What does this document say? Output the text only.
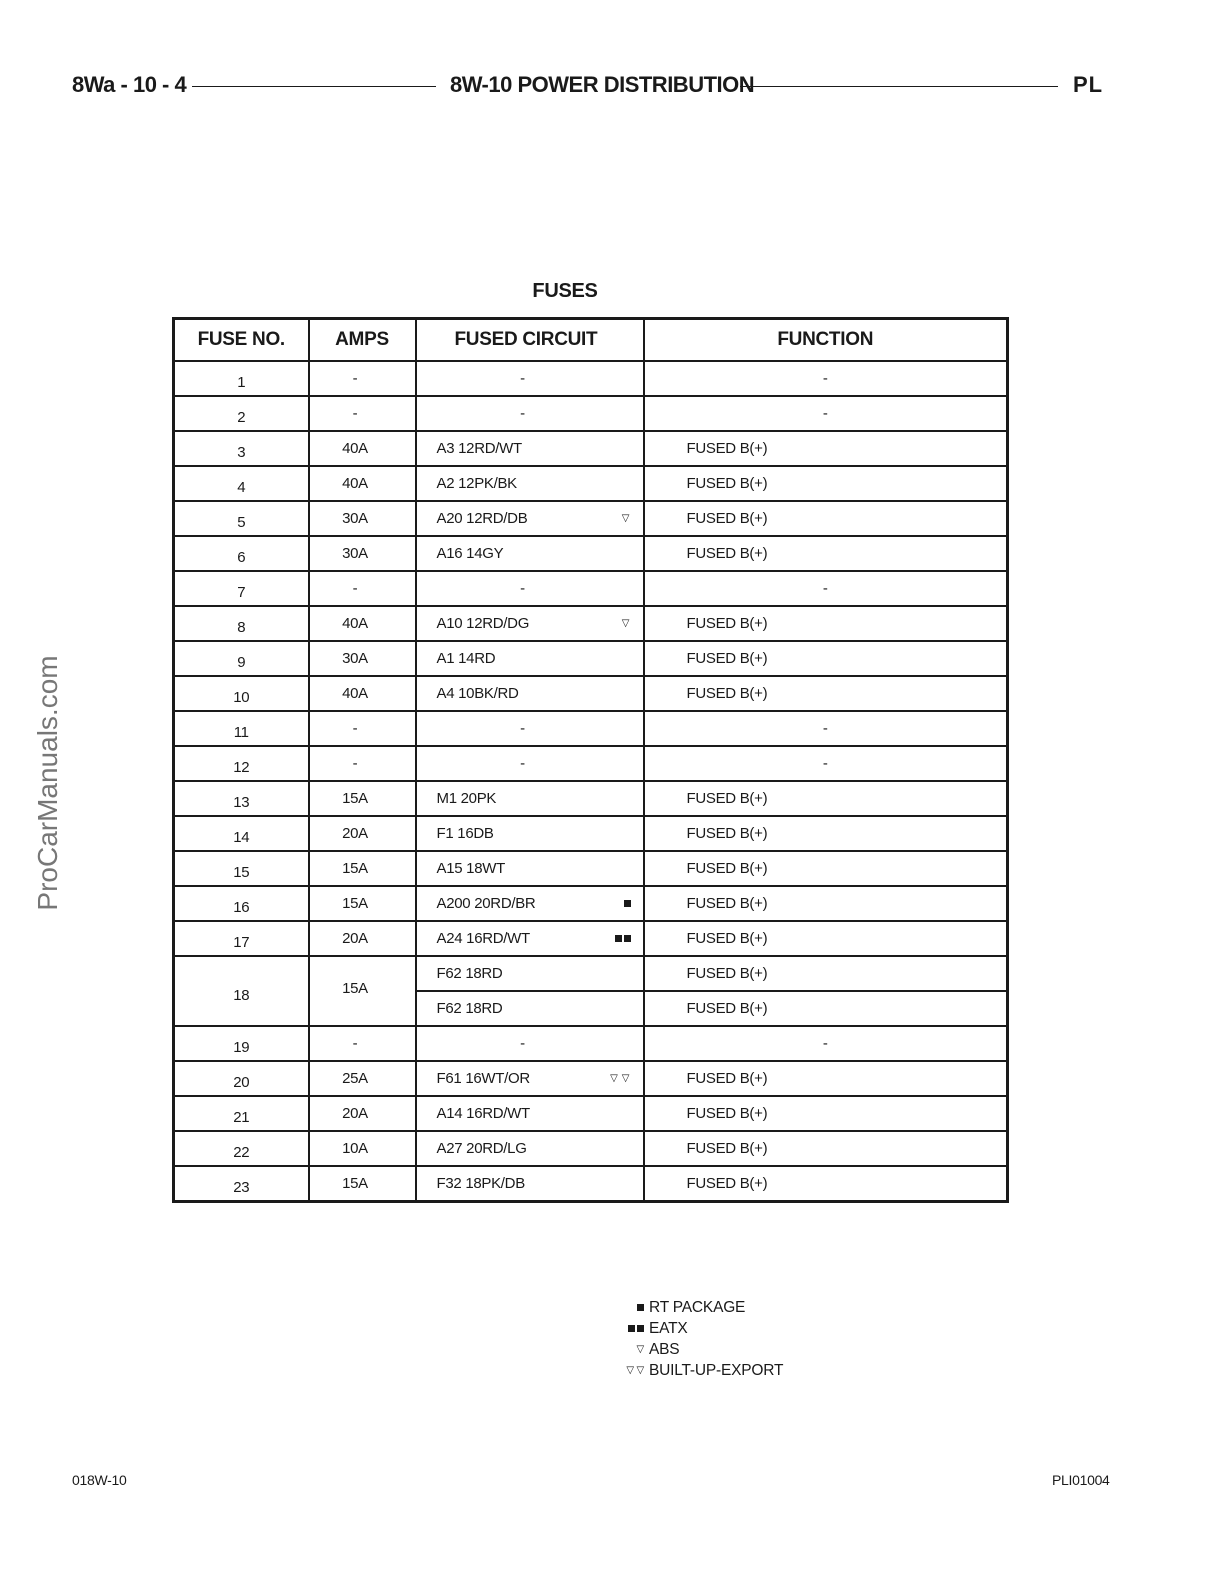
8Wa - 10 - 4	8W-10 POWER DISTRIBUTION	PL
ProCarManuals.com
FUSES
FUSE NO.	AMPS	FUSED CIRCUIT	FUNCTION
1	-	-	-
2	-	-	-
3	40A	A3 12RD/WT	FUSED B(+)
4	40A	A2 12PK/BK	FUSED B(+)
5	30A	A20 12RD/DB ▽	FUSED B(+)
6	30A	A16 14GY	FUSED B(+)
7	-	-	-
8	40A	A10 12RD/DG ▽	FUSED B(+)
9	30A	A1 14RD	FUSED B(+)
10	40A	A4 10BK/RD	FUSED B(+)
11	-	-	-
12	-	-	-
13	15A	M1 20PK	FUSED B(+)
14	20A	F1 16DB	FUSED B(+)
15	15A	A15 18WT	FUSED B(+)
16	15A	A200 20RD/BR	FUSED B(+)
17	20A	A24 16RD/WT	FUSED B(+)
18	15A	F62 18RD	FUSED B(+)
		F62 18RD	FUSED B(+)
19	-	-	-
20	25A	F61 16WT/OR ▽ ▽	FUSED B(+)
21	20A	A14 16RD/WT	FUSED B(+)
22	10A	A27 20RD/LG	FUSED B(+)
23	15A	F32 18PK/DB	FUSED B(+)
RT PACKAGE
EATX
▽ ABS
▽ ▽ BUILT-UP-EXPORT
018W-10	PLI01004
